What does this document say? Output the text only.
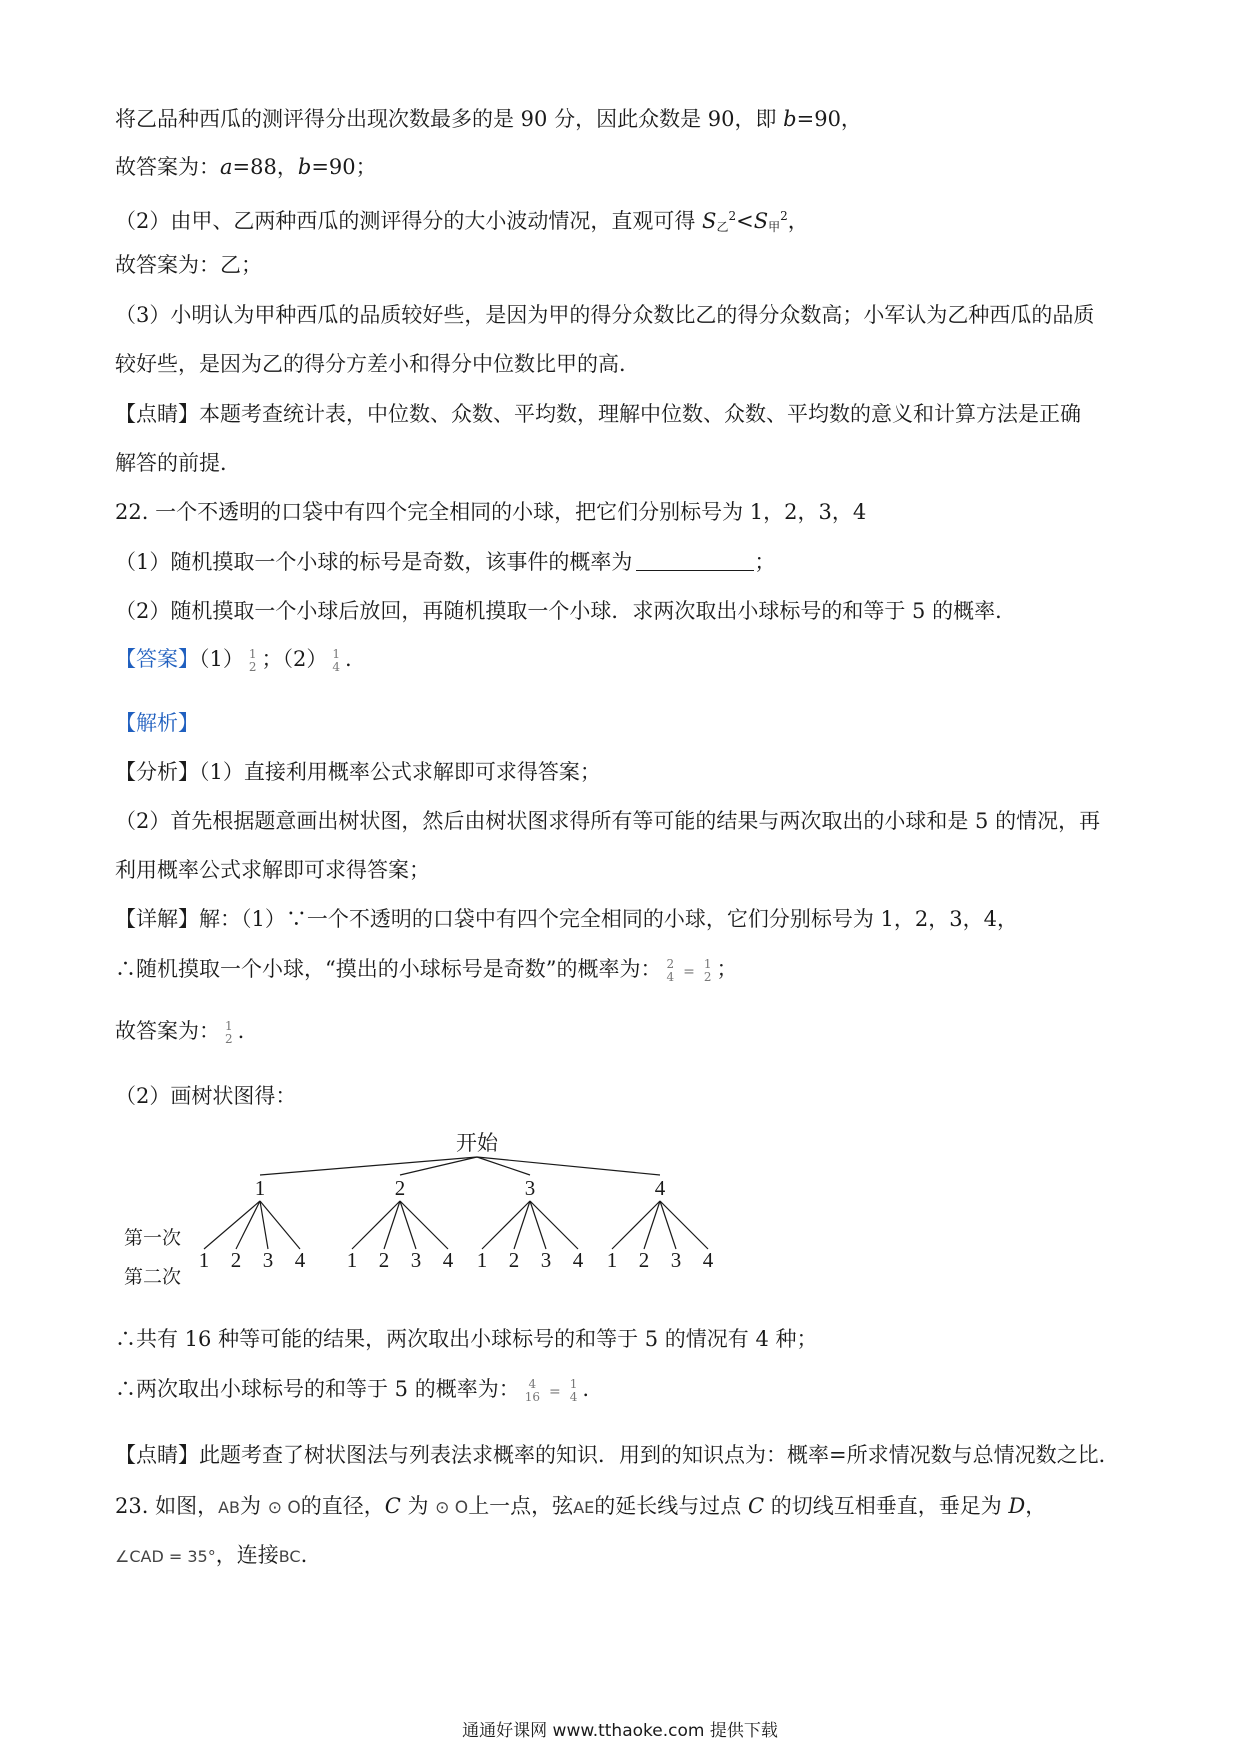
将乙品种西瓜的测评得分出现次数最多的是 90 分，因此众数是 90，即 b=90，
故答案为：a=88，b=90；
（2）由甲、乙两种西瓜的测评得分的大小波动情况，直观可得 $S_乙^2<S_甲^2$，
故答案为：乙；
（3）小明认为甲种西瓜的品质较好些，是因为甲的得分众数比乙的得分众数高；小军认为乙种西瓜的品质
较好些，是因为乙的得分方差小和得分中位数比甲的高．
【点睛】本题考查统计表，中位数、众数、平均数，理解中位数、众数、平均数的意义和计算方法是正确
解答的前提．
22. 一个不透明的口袋中有四个完全相同的小球，把它们分别标号为 1，2，3，4
（1）随机摸取一个小球的标号是奇数，该事件的概率为	；
（2）随机摸取一个小球后放回，再随机摸取一个小球．求两次取出小球标号的和等于 5 的概率．
【答案】（1） 1
2 ；（2） 1
4 .
【解析】
【分析】（1）直接利用概率公式求解即可求得答案；
（2）首先根据题意画出树状图，然后由树状图求得所有等可能的结果与两次取出的小球和是 5 的情况，再
利用概率公式求解即可求得答案；
【详解】解：（1）∵一个不透明的口袋中有四个完全相同的小球，它们分别标号为 1，2，3，4，
∴随机摸取一个小球，“摸出的小球标号是奇数”的概率为： 2
4 =
1
2 ；
故答案为： 1
2 .
（2）画树状图得：
开始
第一次
第二次
1
1 2 3 4
2
1 2 3 4
3
1 2 3 4
4
1 2 3 4
∴共有 16 种等可能的结果，两次取出小球标号的和等于 5 的情况有 4 种；
∴两次取出小球标号的和等于 5 的概率为： 4
16 =
1
4 .
【点睛】此题考查了树状图法与列表法求概率的知识．用到的知识点为：概率=所求情况数与总情况数之比．
23. 如图，AB为 ⊙ O的直径，C 为 ⊙ O上一点，弦AE的延长线与过点 C 的切线互相垂直，垂足为 D，
∠CAD = 35°，连接BC.
通通好课网 www.tthaoke.com 提供下载
